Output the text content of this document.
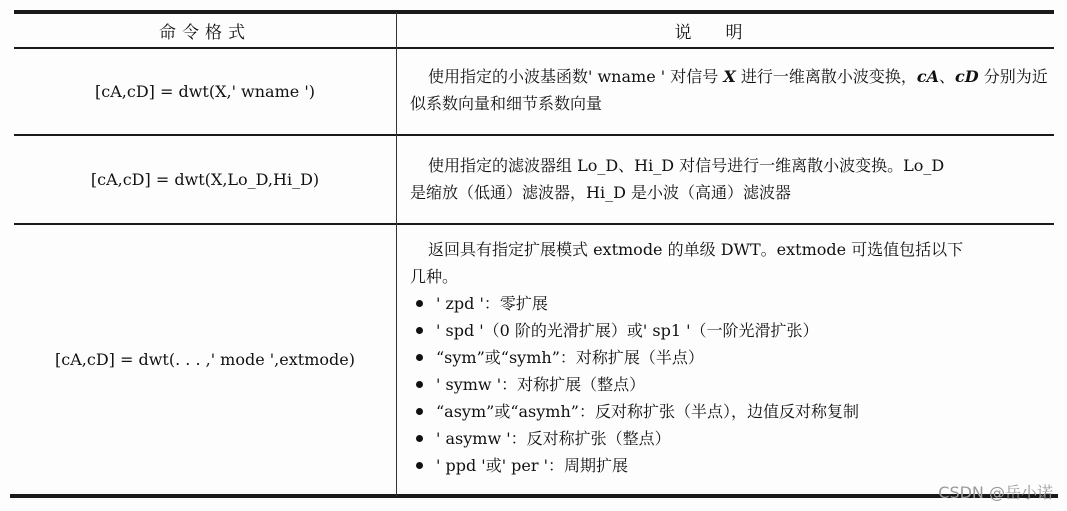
命令格式	说明
[cA,cD] = dwt(X,' wname ')

使用指定的小波基函数' wname ' 对信号 X 进行一维离散小波变换，cA、cD 分别为近似系数向量和细节系数向量

[cA,cD] = dwt(X,Lo_D,Hi_D)

使用指定的滤波器组 Lo_D、Hi_D 对信号进行一维离散小波变换。Lo_D

是缩放（低通）滤波器，Hi_D 是小波（高通）滤波器

[cA,cD] = dwt(. . . ,' mode ',extmode)

返回具有指定扩展模式 extmode 的单级 DWT。extmode 可选值包括以下

几种。

' zpd '：零扩展
' spd '（0 阶的光滑扩展）或' sp1 '（一阶光滑扩张）
“sym”或“symh”：对称扩展（半点）
' symw '：对称扩展（整点）
“asym”或“asymh”：反对称扩张（半点），边值反对称复制
' asymw '：反对称扩张（整点）
' ppd '或' per '：周期扩展
CSDN @岳小诺
